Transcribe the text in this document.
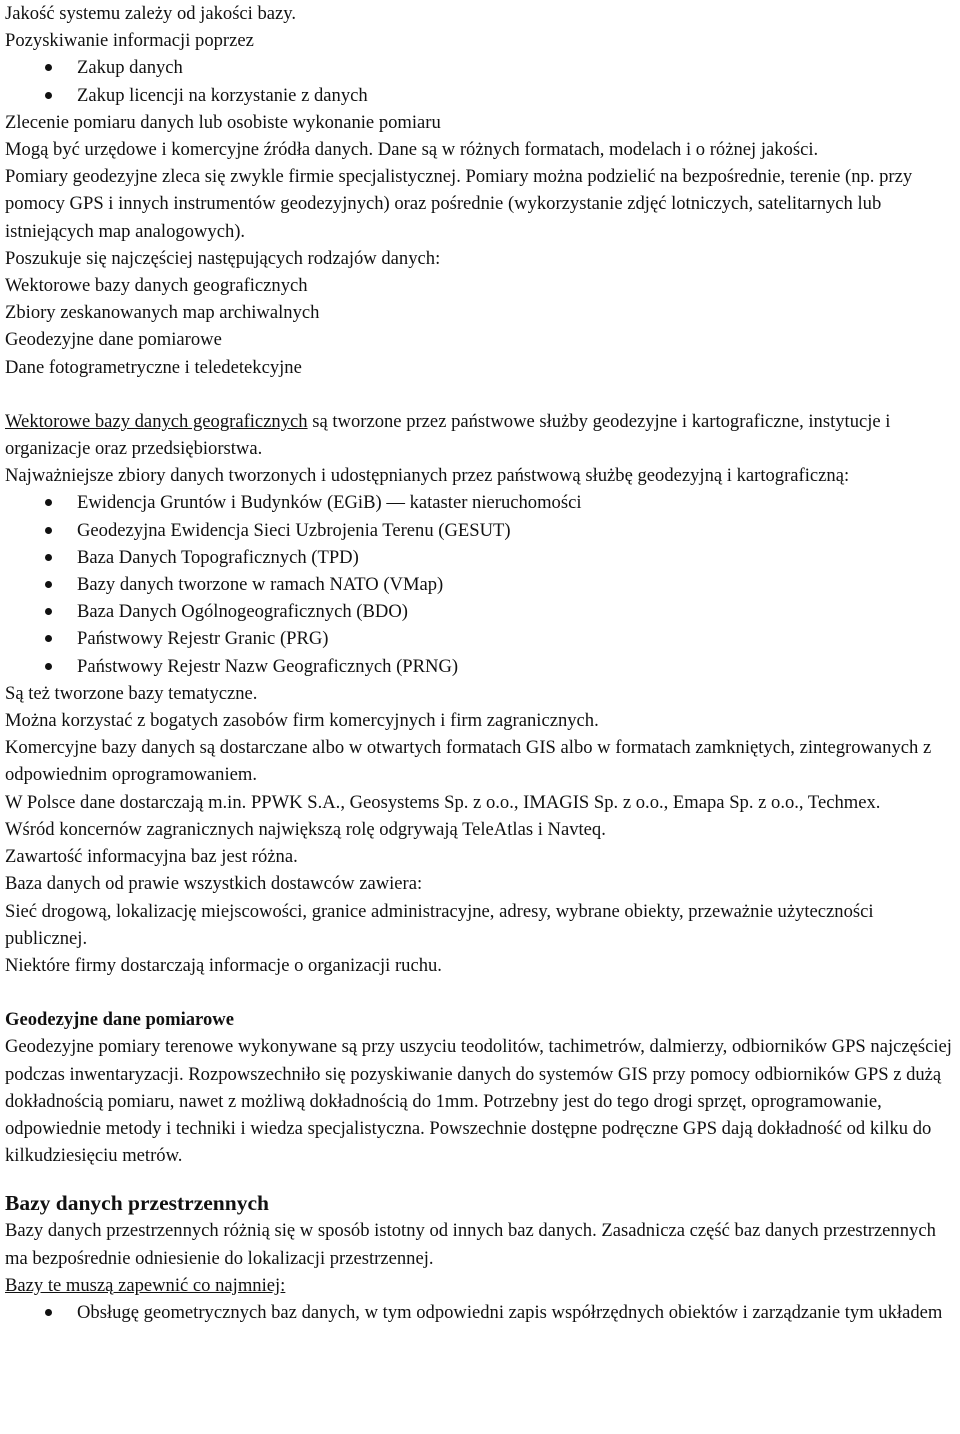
Jakość systemu zależy od jakości bazy.

Pozyskiwanie informacji poprzez

Zakup danych
Zakup licencji na korzystanie z danych

Zlecenie pomiaru danych lub osobiste wykonanie pomiaru

Mogą być urzędowe i komercyjne źródła danych. Dane są w różnych formatach, modelach i o różnej jakości.

Pomiary geodezyjne zleca się zwykle firmie specjalistycznej. Pomiary można podzielić na bezpośrednie, terenie (np. przy pomocy GPS i innych instrumentów geodezyjnych) oraz pośrednie (wykorzystanie zdjęć lotniczych, satelitarnych lub istniejących map analogowych).

Poszukuje się najczęściej następujących rodzajów danych:

Wektorowe bazy danych geograficznych

Zbiory zeskanowanych map archiwalnych

Geodezyjne dane pomiarowe

Dane fotogrametryczne i teledetekcyjne

Wektorowe bazy danych geograficznych są tworzone przez państwowe służby geodezyjne i kartograficzne, instytucje i organizacje oraz przedsiębiorstwa.

Najważniejsze zbiory danych tworzonych i udostępnianych przez państwową służbę geodezyjną i kartograficzną:

Ewidencja Gruntów i Budynków (EGiB) — kataster nieruchomości
Geodezyjna Ewidencja Sieci Uzbrojenia Terenu (GESUT)
Baza Danych Topograficznych (TPD)
Bazy danych tworzone w ramach NATO (VMap)
Baza Danych Ogólnogeograficznych (BDO)
Państwowy Rejestr Granic (PRG)
Państwowy Rejestr Nazw Geograficznych (PRNG)

Są też tworzone bazy tematyczne.

Można korzystać z bogatych zasobów firm komercyjnych i firm zagranicznych.

Komercyjne bazy danych są dostarczane albo w otwartych formatach GIS albo w formatach zamkniętych, zintegrowanych z odpowiednim oprogramowaniem.

W Polsce dane dostarczają m.in. PPWK S.A., Geosystems Sp. z o.o., IMAGIS Sp. z o.o., Emapa Sp. z o.o., Techmex.

Wśród koncernów zagranicznych największą rolę odgrywają TeleAtlas i Navteq.

Zawartość informacyjna baz jest różna.

Baza danych od prawie wszystkich dostawców zawiera:

Sieć drogową, lokalizację miejscowości, granice administracyjne, adresy, wybrane obiekty, przeważnie użyteczności publicznej.

Niektóre firmy dostarczają informacje o organizacji ruchu.

Geodezyjne dane pomiarowe

Geodezyjne pomiary terenowe wykonywane są przy uszyciu teodolitów, tachimetrów, dalmierzy, odbiorników GPS najczęściej podczas inwentaryzacji. Rozpowszechniło się pozyskiwanie danych do systemów GIS przy pomocy odbiorników GPS z dużą dokładnością pomiaru, nawet z możliwą dokładnością do 1mm. Potrzebny jest do tego drogi sprzęt, oprogramowanie, odpowiednie metody i techniki i wiedza specjalistyczna. Powszechnie dostępne podręczne GPS dają dokładność od kilku do kilkudziesięciu metrów.

Bazy danych przestrzennych

Bazy danych przestrzennych różnią się w sposób istotny od innych baz danych. Zasadnicza część baz danych przestrzennych ma bezpośrednie odniesienie do lokalizacji przestrzennej.

Bazy te muszą zapewnić co najmniej:

Obsługę geometrycznych baz danych, w tym odpowiedni zapis współrzędnych obiektów i zarządzanie tym układem
